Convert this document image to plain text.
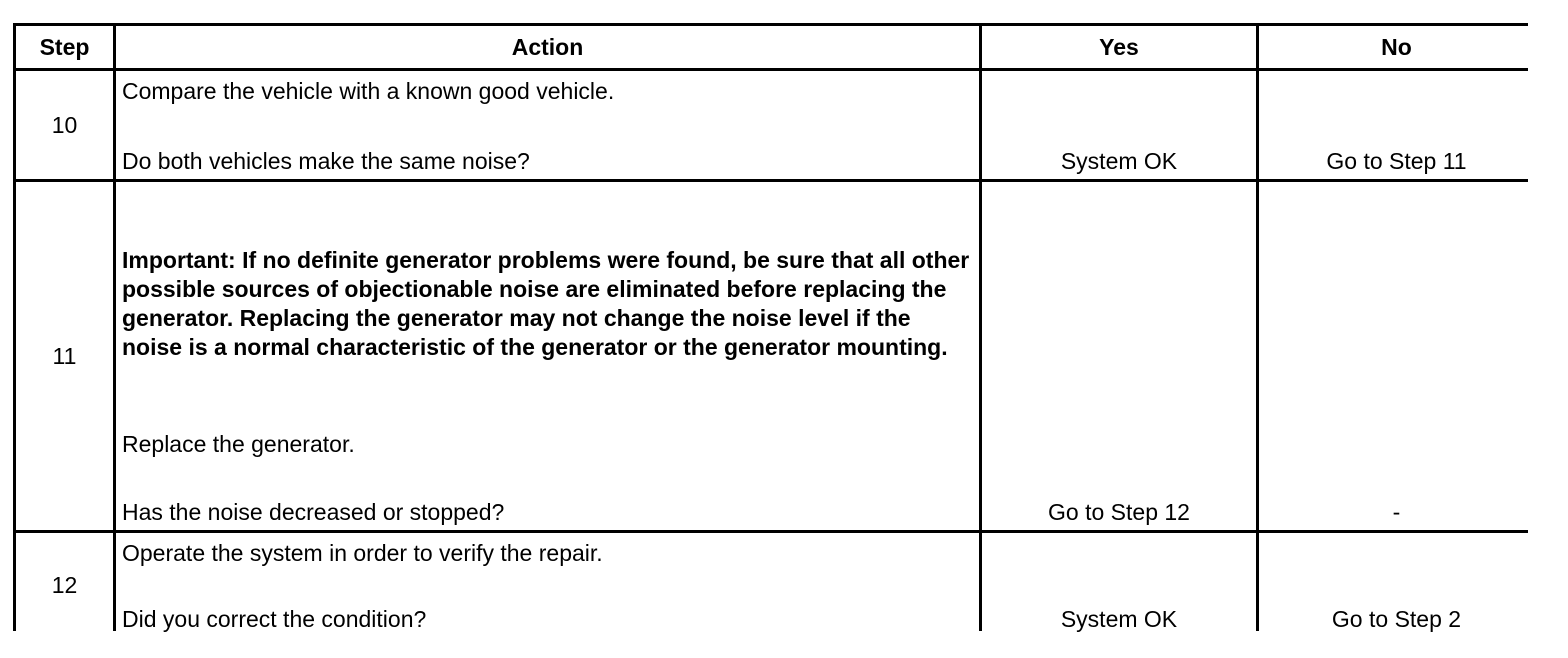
Step	Action	Yes	No
10
Compare the vehicle with a known good vehicle.
Do both vehicles make the same noise?	System OK	Go to Step 11
11
Important: If no definite generator problems were found, be sure that all other possible sources of objectionable noise are eliminated before replacing the generator. Replacing the generator may not change the noise level if the noise is a normal characteristic of the generator or the generator mounting.
Replace the generator.
Has the noise decreased or stopped?	Go to Step 12	-
12
Operate the system in order to verify the repair.
Did you correct the condition?	System OK	Go to Step 2
